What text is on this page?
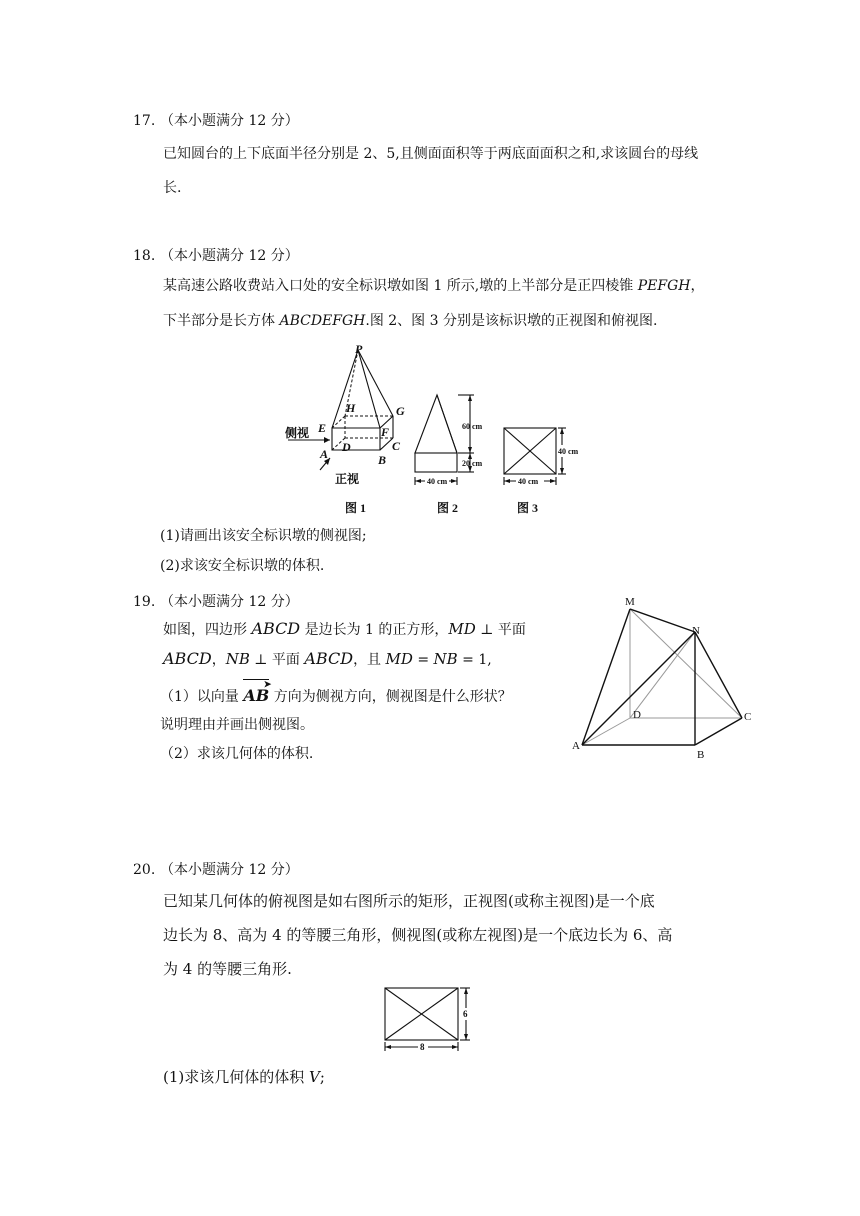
17. （本小题满分 12 分）
已知圆台的上下底面半径分别是 2、5,且侧面面积等于两底面面积之和,求该圆台的母线
长.
18. （本小题满分 12 分）
某高速公路收费站入口处的安全标识墩如图 1 所示,墩的上半部分是正四棱锥 PEFGH，
下半部分是长方体 ABCDEFGH.图 2、图 3 分别是该标识墩的正视图和俯视图.
P
H	G
E	F
C
D
A	B
侧视
正视
图 1
60 cm
20 cm
40 cm
图 2
40 cm
40 cm
图 3
(1)请画出该安全标识墩的侧视图;
(2)求该安全标识墩的体积.
19. （本小题满分 12 分）
如图，四边形 ABCD 是边长为 1 的正方形，MD ⊥ 平面
ABCD，NB ⊥ 平面 ABCD，且 MD = NB = 1,
（1）以向量
➤
AB 方向为侧视方向，侧视图是什么形状？
说明理由并画出侧视图。
（2）求该几何体的体积.
M
N
D	C
A
B
20. （本小题满分 12 分）
已知某几何体的俯视图是如右图所示的矩形，正视图(或称主视图)是一个底
边长为 8、高为 4 的等腰三角形，侧视图(或称左视图)是一个底边长为 6、高
为 4 的等腰三角形.
6
8
(1)求该几何体的体积 V;
